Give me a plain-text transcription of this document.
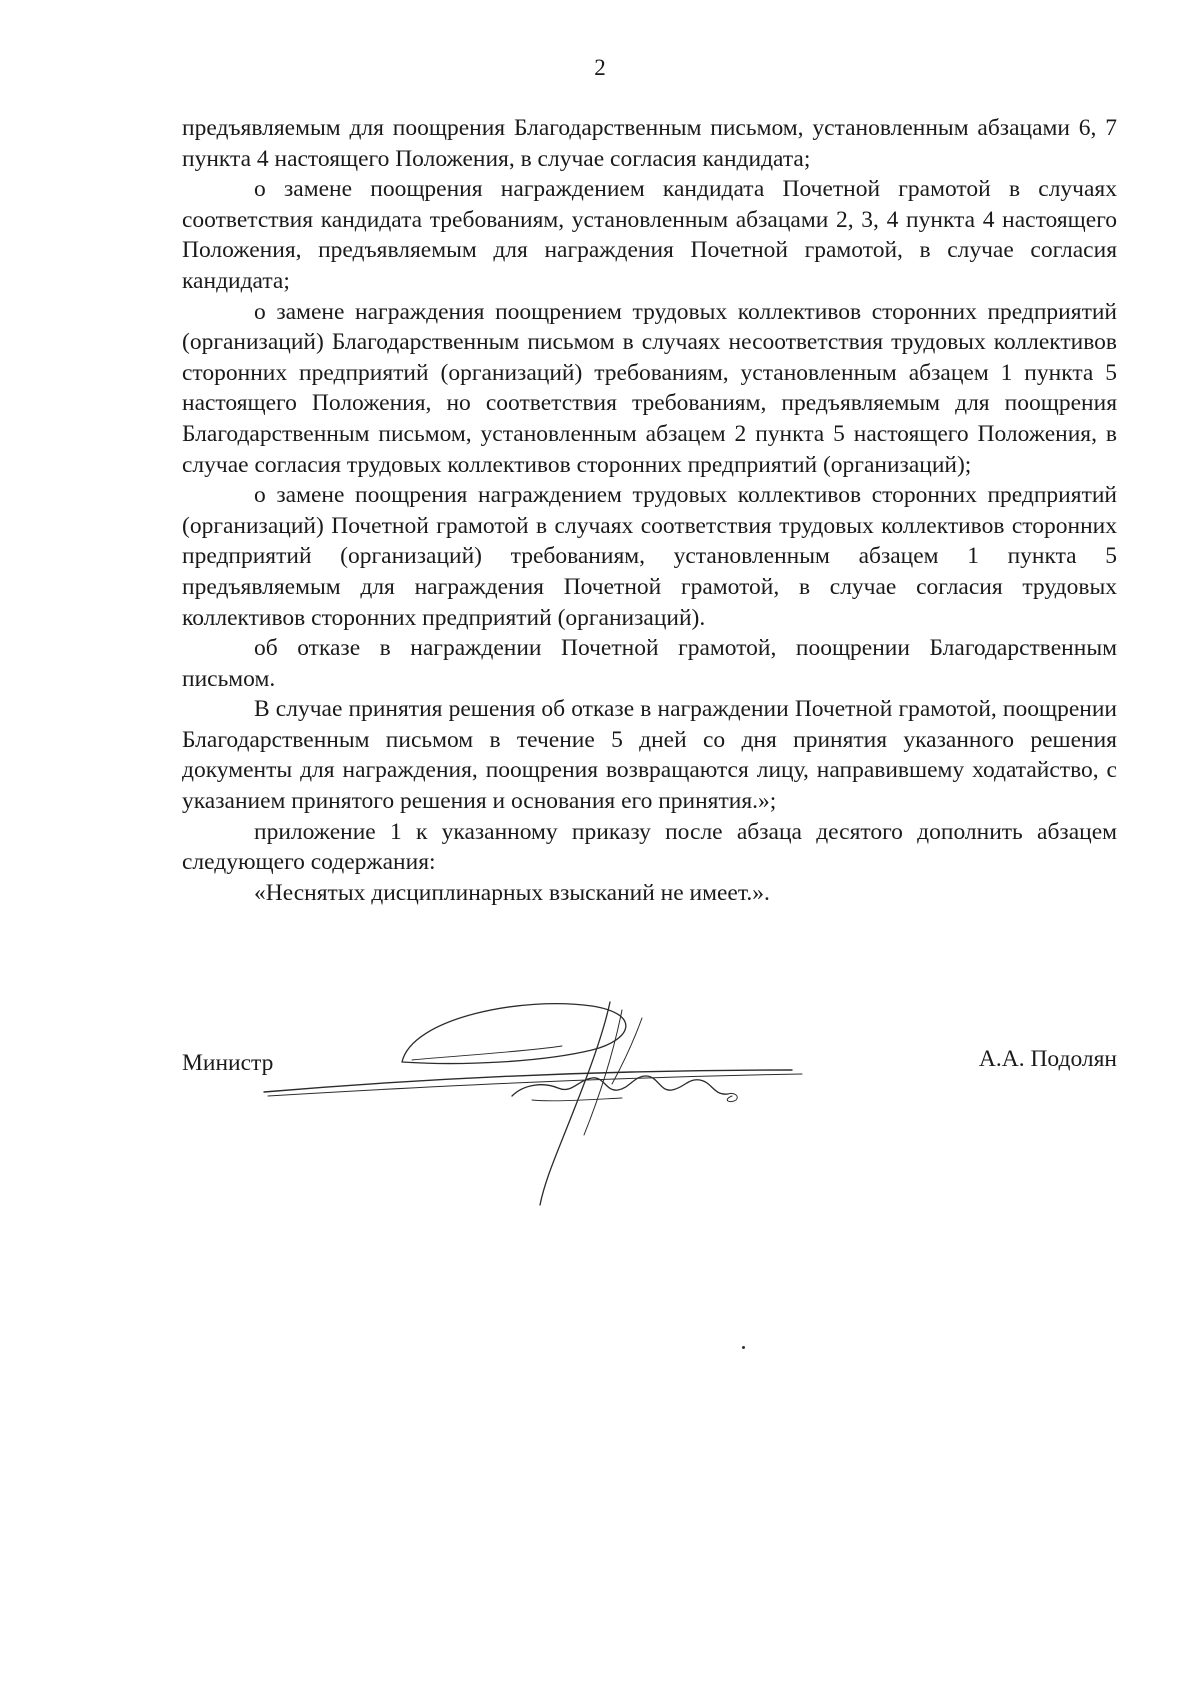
2

предъявляемым для поощрения Благодарственным письмом, установленным абзацами 6, 7 пункта 4 настоящего Положения, в случае согласия кандидата;

о замене поощрения награждением кандидата Почетной грамотой в случаях соответствия кандидата требованиям, установленным абзацами 2, 3, 4 пункта 4 настоящего Положения, предъявляемым для награждения Почетной грамотой, в случае согласия кандидата;

о замене награждения поощрением трудовых коллективов сторонних предприятий (организаций) Благодарственным письмом в случаях несоответствия трудовых коллективов сторонних предприятий (организаций) требованиям, установленным абзацем 1 пункта 5 настоящего Положения, но соответствия требованиям, предъявляемым для поощрения Благодарственным письмом, установленным абзацем 2 пункта 5 настоящего Положения, в случае согласия трудовых коллективов сторонних предприятий (организаций);

о замене поощрения награждением трудовых коллективов сторонних предприятий (организаций) Почетной грамотой в случаях соответствия трудовых коллективов сторонних предприятий (организаций) требованиям, установленным абзацем 1 пункта 5 предъявляемым для награждения Почетной грамотой, в случае согласия трудовых коллективов сторонних предприятий (организаций).

об отказе в награждении Почетной грамотой, поощрении Благодарственным письмом.

В случае принятия решения об отказе в награждении Почетной грамотой, поощрении Благодарственным письмом в течение 5 дней со дня принятия указанного решения документы для награждения, поощрения возвращаются лицу, направившему ходатайство, с указанием принятого решения и основания его принятия.»;

приложение 1 к указанному приказу после абзаца десятого дополнить абзацем следующего содержания:

«Неснятых дисциплинарных взысканий не имеет.».

Министр	А.А. Подолян
